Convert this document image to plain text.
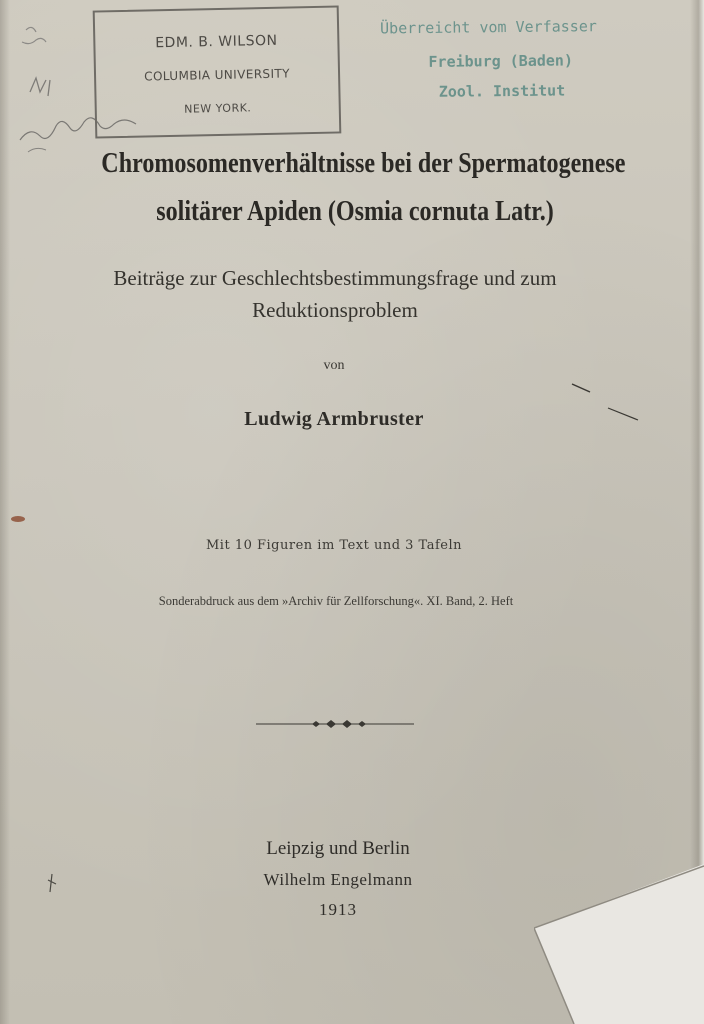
EDM. B. WILSON
COLUMBIA UNIVERSITY
NEW YORK.
Überreicht vom Verfasser
Freiburg (Baden)
Zool. Institut
Chromosomenverhältnisse bei der Spermatogenese
solitärer Apiden (Osmia cornuta Latr.)
Beiträge zur Geschlechtsbestimmungsfrage und zum
Reduktionsproblem
von
Ludwig Armbruster
Mit 10 Figuren im Text und 3 Tafeln
Sonderabdruck aus dem »Archiv für Zellforschung«. XI. Band, 2. Heft
Leipzig und Berlin
Wilhelm Engelmann
1913
